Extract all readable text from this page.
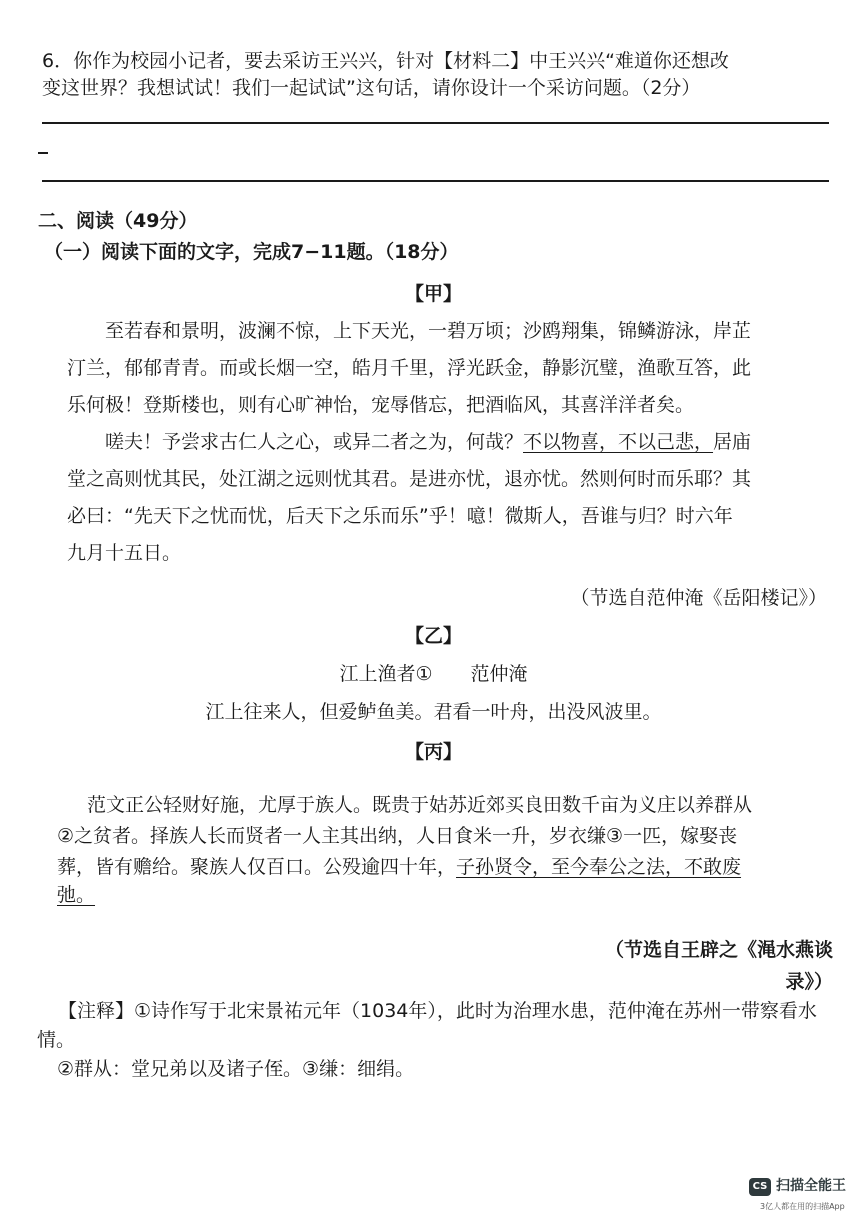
6．你作为校园小记者，要去采访王兴兴，针对【材料二】中王兴兴“难道你还想改
变这世界？我想试试！我们一起试试”这句话，请你设计一个采访问题。（2分）
二、阅读（49分）
（一）阅读下面的文字，完成7−11题。（18分）
【甲】
至若春和景明，波澜不惊，上下天光，一碧万顷；沙鸥翔集，锦鳞游泳，岸芷
汀兰，郁郁青青。而或长烟一空，皓月千里，浮光跃金，静影沉璧，渔歌互答，此
乐何极！登斯楼也，则有心旷神怡，宠辱偕忘，把酒临风，其喜洋洋者矣。
嗟夫！予尝求古仁人之心，或异二者之为，何哉？不以物喜，不以己悲，居庙
堂之高则忧其民，处江湖之远则忧其君。是进亦忧，退亦忧。然则何时而乐耶？其
必曰：“先天下之忧而忧，后天下之乐而乐”乎！噫！微斯人，吾谁与归？时六年
九月十五日。
（节选自范仲淹《岳阳楼记》）
【乙】
江上渔者①　　范仲淹
江上往来人，但爱鲈鱼美。君看一叶舟，出没风波里。
【丙】
范文正公轻财好施，尤厚于族人。既贵于姑苏近郊买良田数千亩为义庄以养群从
②之贫者。择族人长而贤者一人主其出纳，人日食米一升，岁衣缣③一匹，嫁娶丧
葬，皆有赡给。聚族人仅百口。公殁逾四十年，子孙贤令，至今奉公之法，不敢废
弛。
（节选自王辟之《渑水燕谈
录》）
【注释】①诗作写于北宋景祐元年（1034年），此时为治理水患，范仲淹在苏州一带察看水
情。
②群从：堂兄弟以及诸子侄。③缣：细绢。
CS 扫描全能王
3亿人都在用的扫描App
